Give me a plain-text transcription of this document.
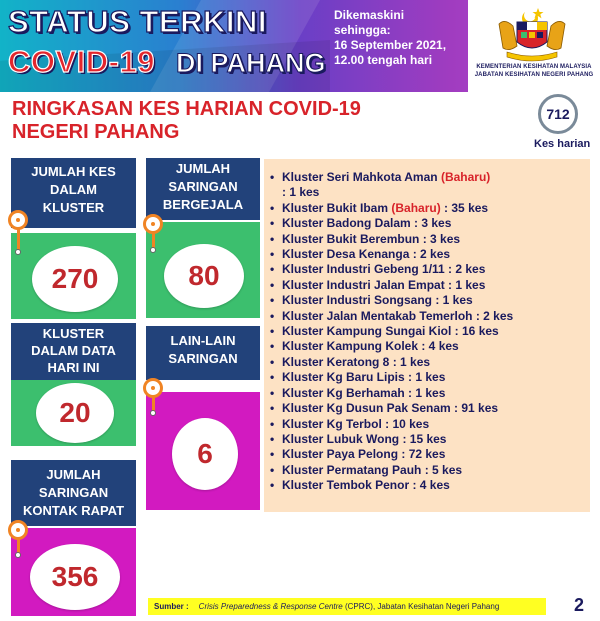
STATUS TERKINI
COVID-19 DI PAHANG
Dikemaskini sehingga:
16 September 2021,
12.00 tengah hari	KEMENTERIAN KESIHATAN MALAYSIA
JABATAN KESIHATAN NEGERI PAHANG
RINGKASAN KES HARIAN COVID-19
NEGERI PAHANG
712
Kes harian
JUMLAH KES
DALAM
KLUSTER
270
KLUSTER
DALAM DATA
HARI INI
20
JUMLAH
SARINGAN
KONTAK RAPAT
356
JUMLAH
SARINGAN
BERGEJALA
80
LAIN-LAIN
SARINGAN
6
• Kluster Seri Mahkota Aman (Baharu)
: 1 kes
• Kluster Bukit Ibam (Baharu) : 35 kes
• Kluster Badong Dalam : 3 kes
• Kluster Bukit Berembun : 3 kes
• Kluster Desa Kenanga : 2 kes
• Kluster Industri Gebeng 1/11 : 2 kes
• Kluster Industri Jalan Empat : 1 kes
• Kluster Industri Songsang : 1 kes
• Kluster Jalan Mentakab Temerloh : 2 kes
• Kluster Kampung Sungai Kiol : 16 kes
• Kluster Kampung Kolek : 4 kes
• Kluster Keratong 8 : 1 kes
• Kluster Kg Baru Lipis : 1 kes
• Kluster Kg Berhamah : 1 kes
• Kluster Kg Dusun Pak Senam : 91 kes
• Kluster Kg Terbol : 10 kes
• Kluster Lubuk Wong : 15 kes
• Kluster Paya Pelong : 72 kes
• Kluster Permatang Pauh : 5 kes
• Kluster Tembok Penor : 4 kes
Sumber : Crisis Preparedness & Response Centre (CPRC), Jabatan Kesihatan Negeri Pahang	2
